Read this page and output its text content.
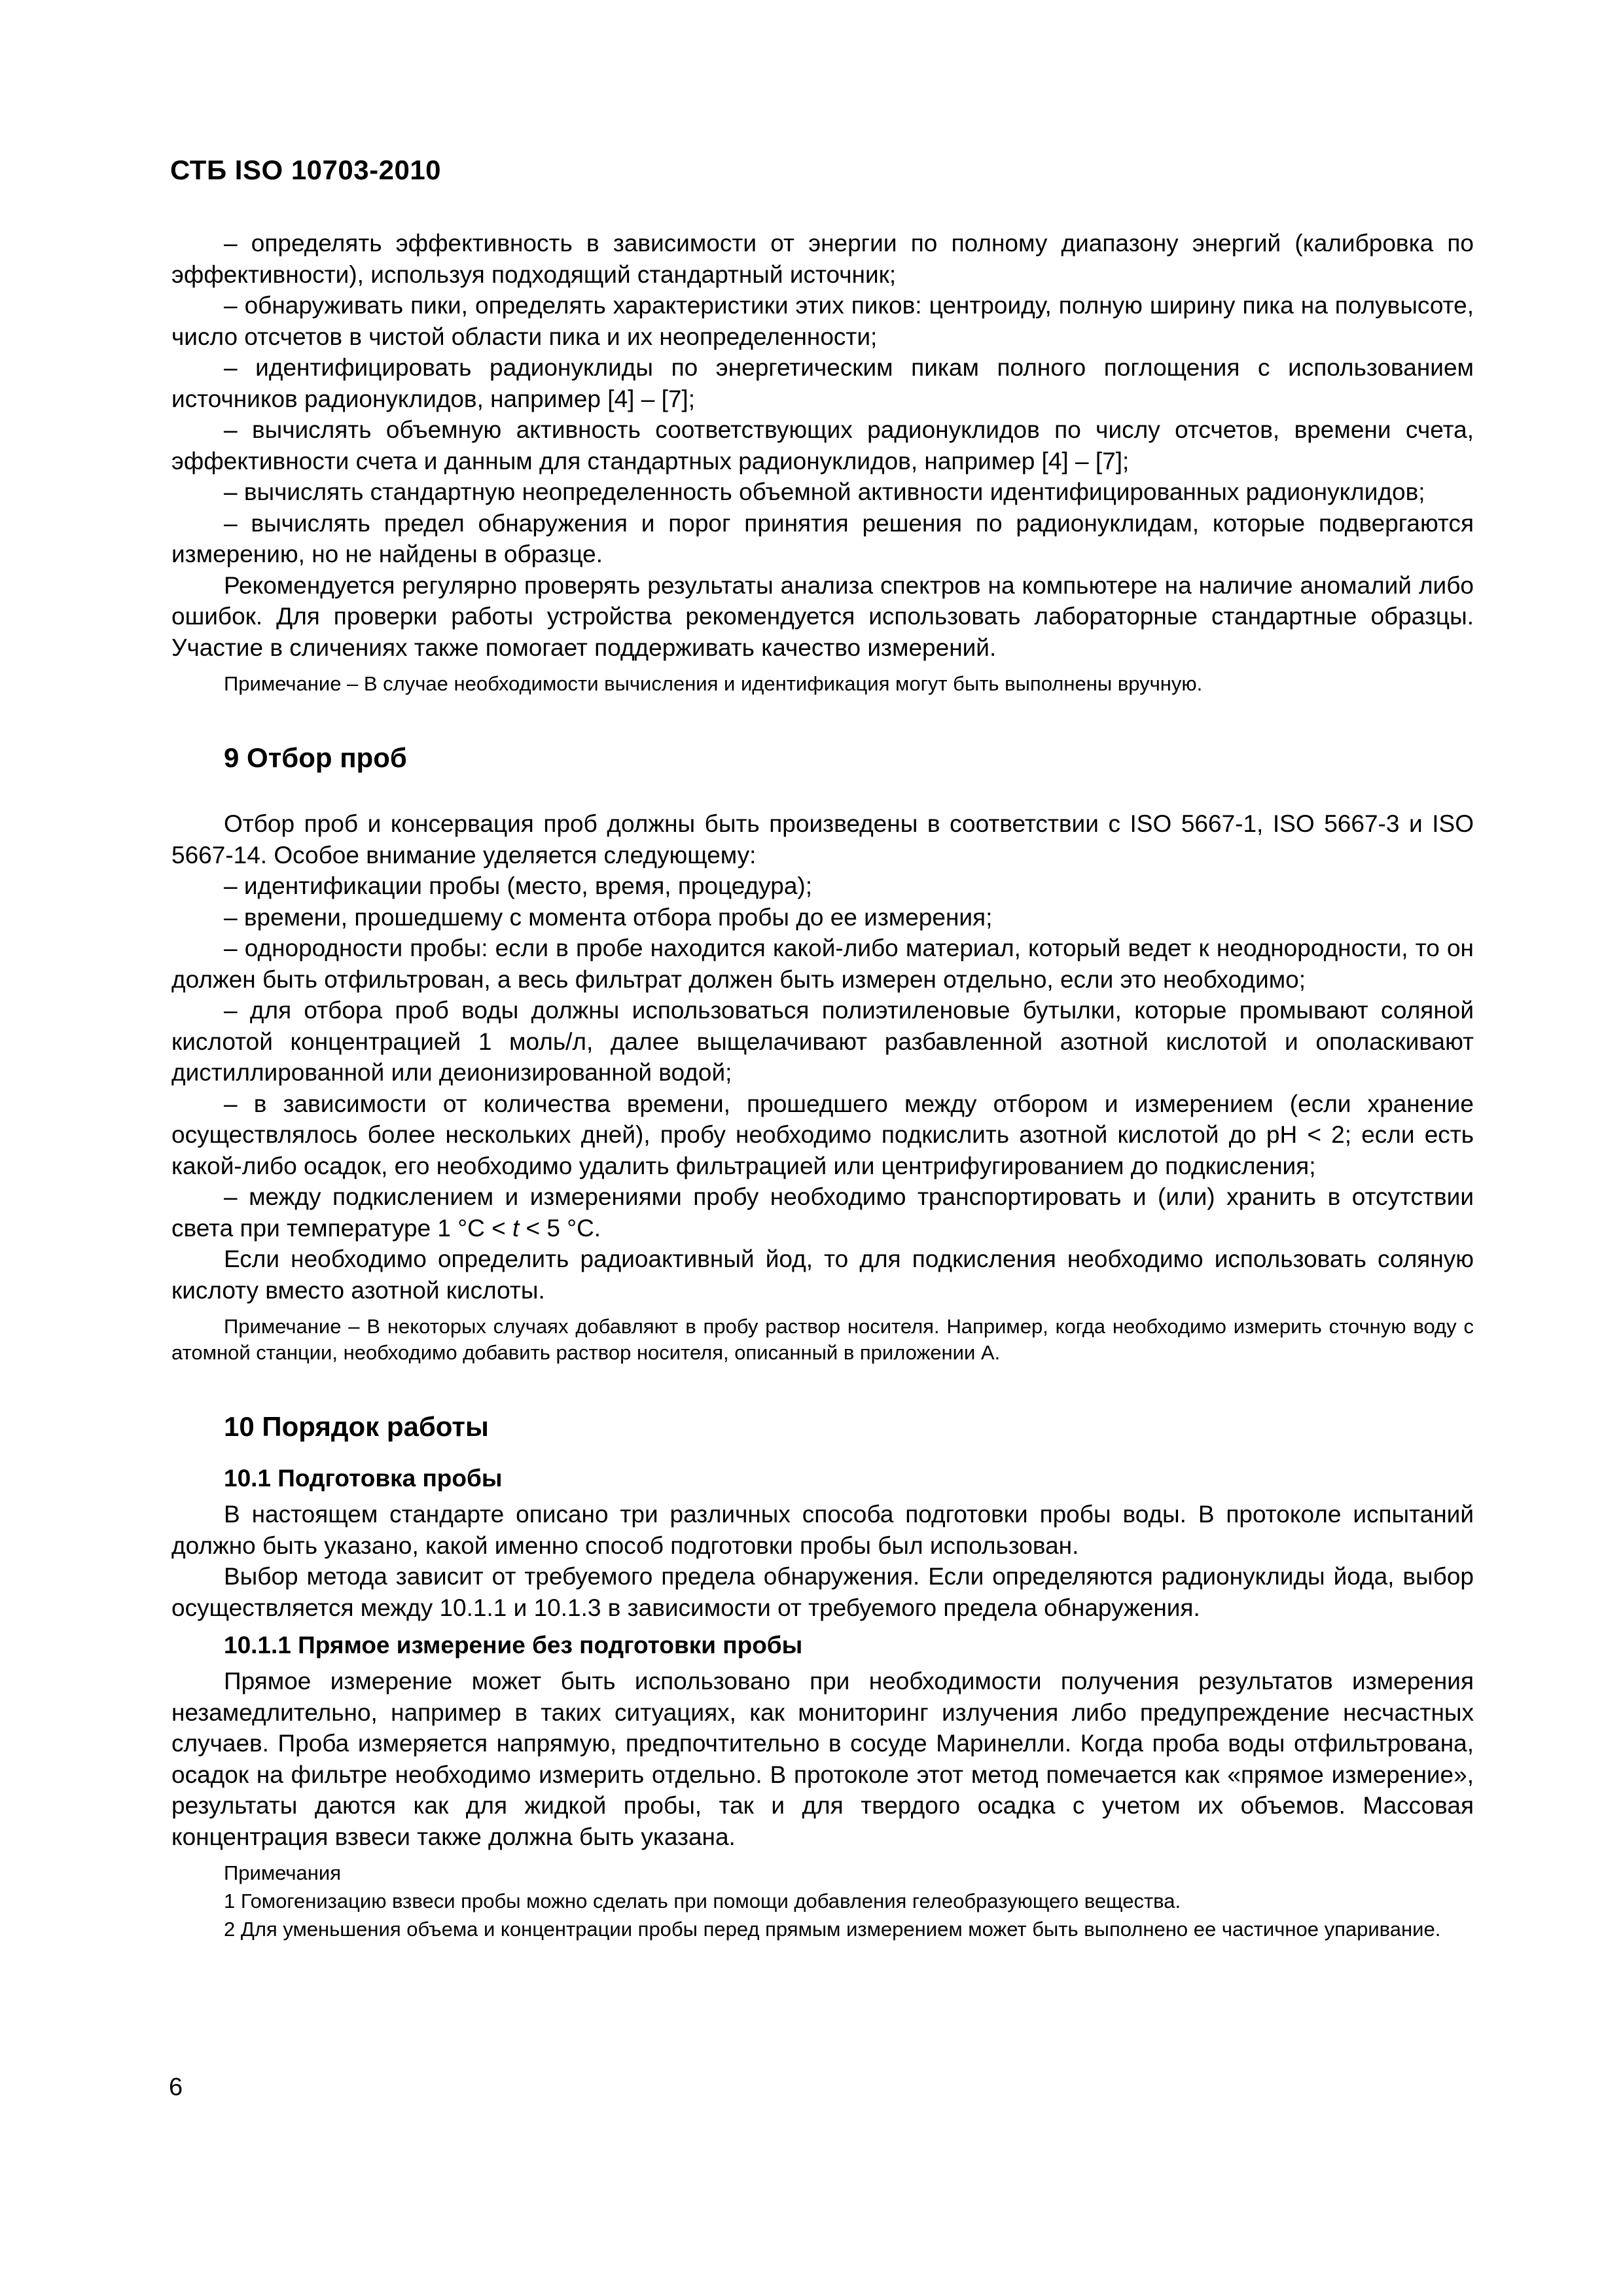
СТБ ISO 10703-2010

– определять эффективность в зависимости от энергии по полному диапазону энергий (калибровка по эффективности), используя подходящий стандартный источник;

– обнаруживать пики, определять характеристики этих пиков: центроиду, полную ширину пика на полувысоте, число отсчетов в чистой области пика и их неопределенности;

– идентифицировать радионуклиды по энергетическим пикам полного поглощения с использованием источников радионуклидов, например [4] – [7];

– вычислять объемную активность соответствующих радионуклидов по числу отсчетов, времени счета, эффективности счета и данным для стандартных радионуклидов, например [4] – [7];

– вычислять стандартную неопределенность объемной активности идентифицированных радионуклидов;

– вычислять предел обнаружения и порог принятия решения по радионуклидам, которые подвергаются измерению, но не найдены в образце.

Рекомендуется регулярно проверять результаты анализа спектров на компьютере на наличие аномалий либо ошибок. Для проверки работы устройства рекомендуется использовать лабораторные стандартные образцы. Участие в сличениях также помогает поддерживать качество измерений.

Примечание – В случае необходимости вычисления и идентификация могут быть выполнены вручную.

9 Отбор проб

Отбор проб и консервация проб должны быть произведены в соответствии с ISO 5667-1, ISO 5667-3 и ISO 5667-14. Особое внимание уделяется следующему:

– идентификации пробы (место, время, процедура);

– времени, прошедшему с момента отбора пробы до ее измерения;

– однородности пробы: если в пробе находится какой-либо материал, который ведет к неоднородности, то он должен быть отфильтрован, а весь фильтрат должен быть измерен отдельно, если это необходимо;

– для отбора проб воды должны использоваться полиэтиленовые бутылки, которые промывают соляной кислотой концентрацией 1 моль/л, далее выщелачивают разбавленной азотной кислотой и ополаскивают дистиллированной или деионизированной водой;

– в зависимости от количества времени, прошедшего между отбором и измерением (если хранение осуществлялось более нескольких дней), пробу необходимо подкислить азотной кислотой до pH < 2; если есть какой-либо осадок, его необходимо удалить фильтрацией или центрифугированием до подкисления;

– между подкислением и измерениями пробу необходимо транспортировать и (или) хранить в отсутствии света при температуре 1 °C < t < 5 °C.

Если необходимо определить радиоактивный йод, то для подкисления необходимо использовать соляную кислоту вместо азотной кислоты.

Примечание – В некоторых случаях добавляют в пробу раствор носителя. Например, когда необходимо измерить сточную воду с атомной станции, необходимо добавить раствор носителя, описанный в приложении А.

10 Порядок работы
10.1 Подготовка пробы

В настоящем стандарте описано три различных способа подготовки пробы воды. В протоколе испытаний должно быть указано, какой именно способ подготовки пробы был использован.

Выбор метода зависит от требуемого предела обнаружения. Если определяются радионуклиды йода, выбор осуществляется между 10.1.1 и 10.1.3 в зависимости от требуемого предела обнаружения.

10.1.1 Прямое измерение без подготовки пробы

Прямое измерение может быть использовано при необходимости получения результатов измерения незамедлительно, например в таких ситуациях, как мониторинг излучения либо предупреждение несчастных случаев. Проба измеряется напрямую, предпочтительно в сосуде Маринелли. Когда проба воды отфильтрована, осадок на фильтре необходимо измерить отдельно. В протоколе этот метод помечается как «прямое измерение», результаты даются как для жидкой пробы, так и для твердого осадка с учетом их объемов. Массовая концентрация взвеси также должна быть указана.

Примечания

1 Гомогенизацию взвеси пробы можно сделать при помощи добавления гелеобразующего вещества.

2 Для уменьшения объема и концентрации пробы перед прямым измерением может быть выполнено ее частичное упаривание.

6
